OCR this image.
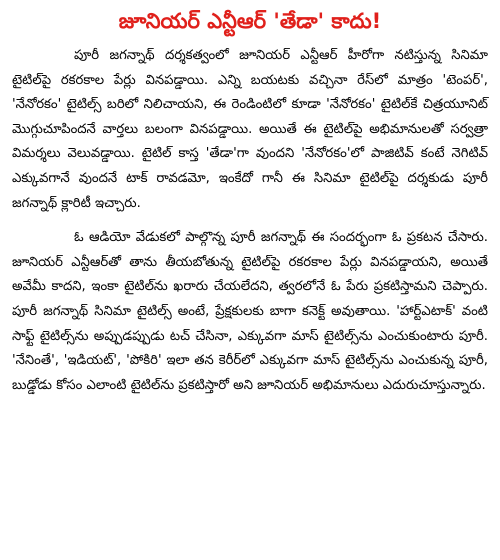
జూనియర్ ఎన్టీఆర్ 'తేడా' కాదు!

పూరీ జగన్నాథ్ దర్శకత్వంలో జూనియర్ ఎన్టీఆర్ హీరోగా నటిస్తున్న సినిమా టైటిల్‌పై రకరకాల పేర్లు వినపడ్డాయి. ఎన్ని బయటకు వచ్చినా రేస్‌లో మాత్రం 'టెంపర్', 'నేనోరకం' టైటిల్స్ బరిలో నిలిచాయని, ఈ రెండింటిలో కూడా 'నేనోరకం' టైటిల్‌కే చిత్రయూనిట్ మొగ్గుచూపిందనే వార్తలు బలంగా వినపడ్డాయి. అయితే ఈ టైటిల్‌పై అభిమానులతో సర్వత్రా విమర్శలు వెలువడ్డాయి. టైటిల్ కాస్త 'తేడా'గా వుందని 'నేనోరకం'లో పాజిటివ్ కంటే నెగిటివ్ ఎక్కువగానే వుందనే టాక్ రావడమో, ఇంకేదో గానీ ఈ సినిమా టైటిల్‌పై దర్శకుడు పూరీ జగన్నాథ్ క్లారిటీ ఇచ్చారు.

ఓ ఆడియో వేడుకలో పాల్గొన్న పూరీ జగన్నాథ్ ఈ సందర్భంగా ఓ ప్రకటన చేసారు. జూనియర్ ఎన్టీఆర్‌తో తాను తీయబోతున్న టైటిల్‌పై రకరకాల పేర్లు వినపడ్డాయని, అయితే అవేమీ కాదని, ఇంకా టైటిల్‌ను ఖరారు చేయలేదని, త్వరలోనే ఓ పేరు ప్రకటిస్తామని చెప్పారు. పూరీ జగన్నాథ్ సినిమా టైటిల్స్ అంటే, ప్రేక్షకులకు బాగా కనెక్ట్ అవుతాయి. 'హార్ట్‌ఎటాక్' వంటి సాఫ్ట్ టైటిల్స్‌ను అప్పుడప్పుడు టచ్ చేసినా, ఎక్కువగా మాస్ టైటిల్స్‌ను ఎంచుకుంటారు పూరీ. 'నేనింతే', 'ఇడియట్', 'పోకిరి' ఇలా తన కెరీర్‌లో ఎక్కువగా మాస్ టైటిల్స్‌ను ఎంచుకున్న పూరీ, బుడ్డోడు కోసం ఎలాంటి టైటిల్‌ను ప్రకటిస్తారో అని జూనియర్ అభిమానులు ఎదురుచూస్తున్నారు.
